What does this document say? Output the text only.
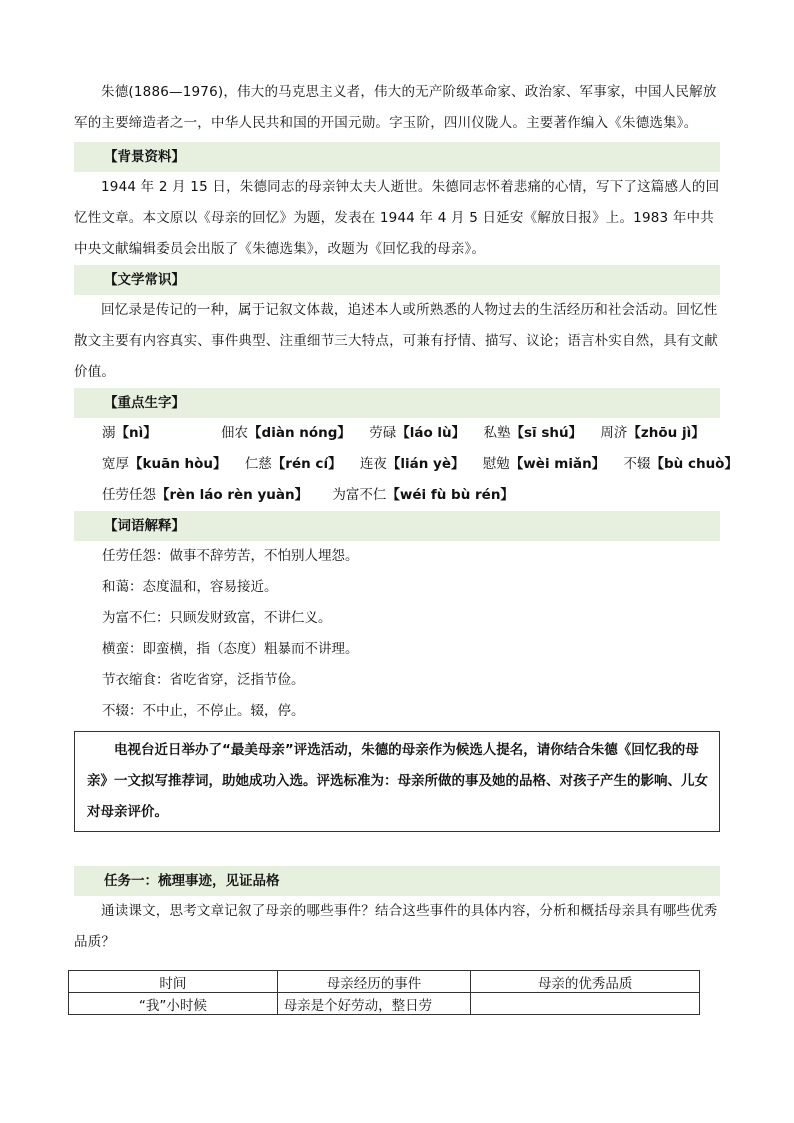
朱德(1886—1976)，伟大的马克思主义者，伟大的无产阶级革命家、政治家、军事家，中国人民解放军的主要缔造者之一，中华人民共和国的开国元勋。字玉阶，四川仪陇人。主要著作编入《朱德选集》。

【背景资料】

1944 年 2 月 15 日，朱德同志的母亲钟太夫人逝世。朱德同志怀着悲痛的心情，写下了这篇感人的回忆性文章。本文原以《母亲的回忆》为题，发表在 1944 年 4 月 5 日延安《解放日报》上。1983 年中共中央文献编辑委员会出版了《朱德选集》，改题为《回忆我的母亲》。

【文学常识】

回忆录是传记的一种，属于记叙文体裁，追述本人或所熟悉的人物过去的生活经历和社会活动。回忆性散文主要有内容真实、事件典型、注重细节三大特点，可兼有抒情、描写、议论；语言朴实自然，具有文献价值。

【重点生字】
溺【nì】	佃农【diàn nóng】 劳碌【láo lù】 私塾【sī shú】 周济【zhōu jì】
宽厚【kuān hòu】 仁慈【rén cí】 连夜【lián yè】 慰勉【wèi miǎn】 不辍【bù chuò】
任劳任怨【rèn láo rèn yuàn】 为富不仁【wéi fù bù rén】
【词语解释】
任劳任怨：做事不辞劳苦，不怕别人埋怨。
和蔼：态度温和，容易接近。
为富不仁：只顾发财致富，不讲仁义。
横蛮：即蛮横，指（态度）粗暴而不讲理。
节衣缩食：省吃省穿，泛指节俭。
不辍：不中止，不停止。辍，停。

电视台近日举办了“最美母亲”评选活动，朱德的母亲作为候选人提名，请你结合朱德《回忆我的母亲》一文拟写推荐词，助她成功入选。评选标准为：母亲所做的事及她的品格、对孩子产生的影响、儿女对母亲评价。

任务一：梳理事迹，见证品格

通读课文，思考文章记叙了母亲的哪些事件？结合这些事件的具体内容，分析和概括母亲具有哪些优秀品质？

时间	母亲经历的事件	母亲的优秀品质
“我”小时候	母亲是个好劳动，整日劳	
